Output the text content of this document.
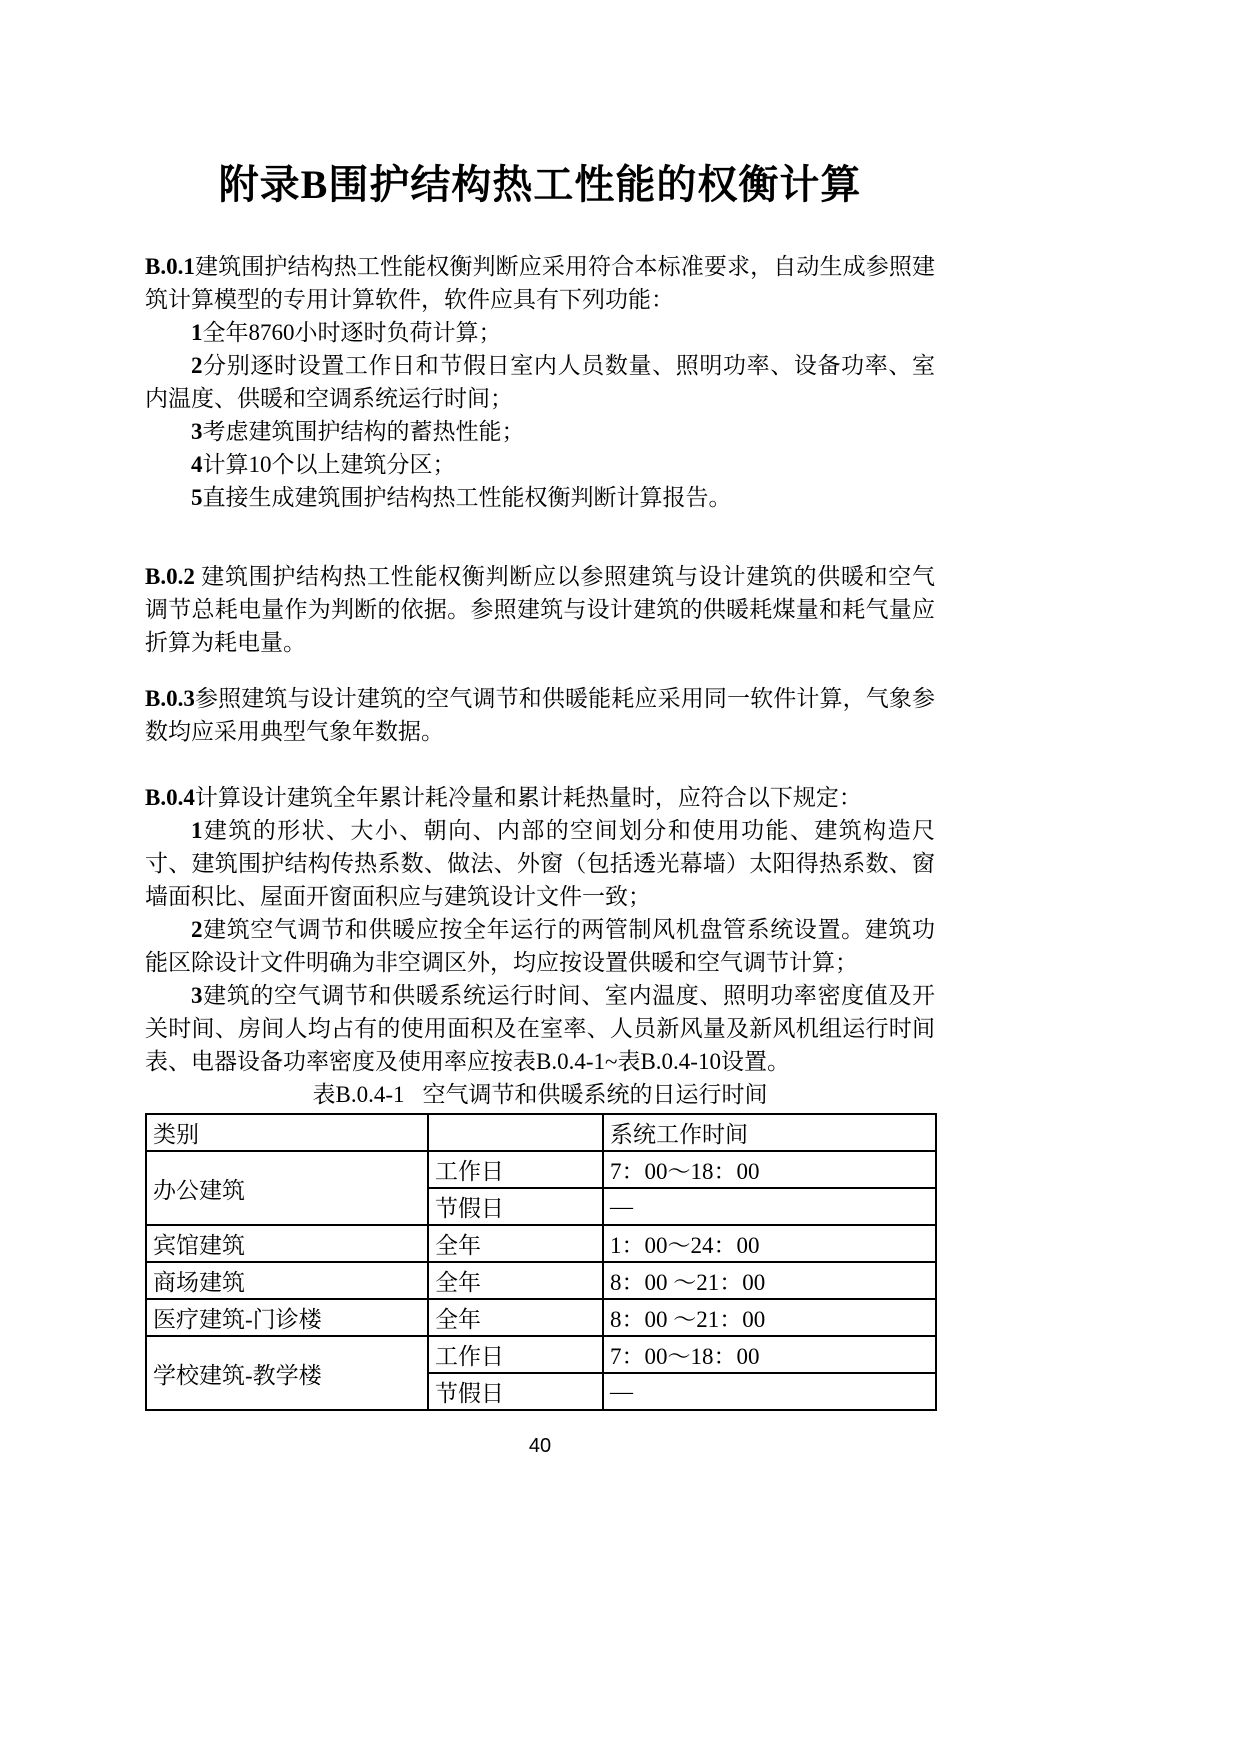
附录B围护结构热工性能的权衡计算

B.0.1建筑围护结构热工性能权衡判断应采用符合本标准要求，自动生成参照建筑计算模型的专用计算软件，软件应具有下列功能：

1全年8760小时逐时负荷计算；

2分别逐时设置工作日和节假日室内人员数量、照明功率、设备功率、室内温度、供暖和空调系统运行时间；

3考虑建筑围护结构的蓄热性能；

4计算10个以上建筑分区；

5直接生成建筑围护结构热工性能权衡判断计算报告。

B.0.2 建筑围护结构热工性能权衡判断应以参照建筑与设计建筑的供暖和空气调节总耗电量作为判断的依据。参照建筑与设计建筑的供暖耗煤量和耗气量应折算为耗电量。

B.0.3参照建筑与设计建筑的空气调节和供暖能耗应采用同一软件计算，气象参数均应采用典型气象年数据。

B.0.4计算设计建筑全年累计耗冷量和累计耗热量时，应符合以下规定：

1建筑的形状、大小、朝向、内部的空间划分和使用功能、建筑构造尺寸、建筑围护结构传热系数、做法、外窗（包括透光幕墙）太阳得热系数、窗墙面积比、屋面开窗面积应与建筑设计文件一致；

2建筑空气调节和供暖应按全年运行的两管制风机盘管系统设置。建筑功能区除设计文件明确为非空调区外，均应按设置供暖和空气调节计算；

3建筑的空气调节和供暖系统运行时间、室内温度、照明功率密度值及开关时间、房间人均占有的使用面积及在室率、人员新风量及新风机组运行时间表、电器设备功率密度及使用率应按表B.0.4-1~表B.0.4-10设置。

表B.0.4-1 空气调节和供暖系统的日运行时间
类别		系统工作时间
办公建筑	工作日	7：00～18：00
	节假日	—
宾馆建筑	全年	1：00～24：00
商场建筑	全年	8：00 ～21：00
医疗建筑-门诊楼	全年	8：00 ～21：00
学校建筑-教学楼	工作日	7：00～18：00
	节假日	—
40
